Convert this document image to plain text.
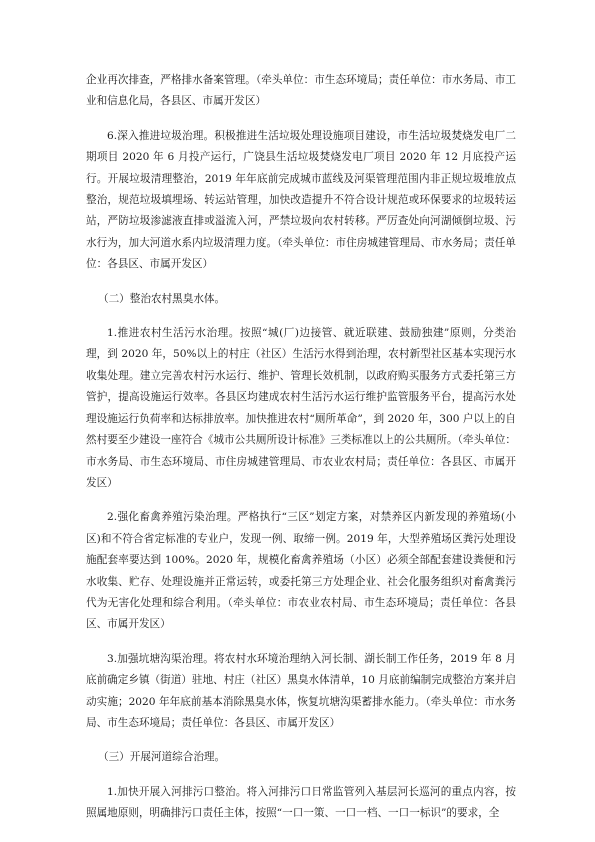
企业再次排查，严格排水备案管理。（牵头单位：市生态环境局；责任单位：市水务局、市工业和信息化局，各县区、市属开发区）

6.深入推进垃圾治理。积极推进生活垃圾处理设施项目建设，市生活垃圾焚烧发电厂二期项目 2020 年 6 月投产运行，广饶县生活垃圾焚烧发电厂项目 2020 年 12 月底投产运行。开展垃圾清理整治，2019 年年底前完成城市蓝线及河渠管理范围内非正规垃圾堆放点整治，规范垃圾填埋场、转运站管理，加快改造提升不符合设计规范或环保要求的垃圾转运站，严防垃圾渗滤液直排或溢流入河，严禁垃圾向农村转移。严厉查处向河湖倾倒垃圾、污水行为，加大河道水系内垃圾清理力度。（牵头单位：市住房城建管理局、市水务局；责任单位：各县区、市属开发区）

（二）整治农村黑臭水体。

1.推进农村生活污水治理。按照“城(厂)边接管、就近联建、鼓励独建”原则，分类治理，到 2020 年，50%以上的村庄（社区）生活污水得到治理，农村新型社区基本实现污水收集处理。建立完善农村污水运行、维护、管理长效机制，以政府购买服务方式委托第三方管护，提高设施运行效率。各县区均建成农村生活污水运行维护监管服务平台，提高污水处理设施运行负荷率和达标排放率。加快推进农村“厕所革命”，到 2020 年，300 户以上的自然村要至少建设一座符合《城市公共厕所设计标准》三类标准以上的公共厕所。（牵头单位：市水务局、市生态环境局、市住房城建管理局、市农业农村局；责任单位：各县区、市属开发区）

2.强化畜禽养殖污染治理。严格执行“三区”划定方案，对禁养区内新发现的养殖场(小区)和不符合省定标准的专业户，发现一例、取缔一例。2019 年，大型养殖场区粪污处理设施配套率要达到 100%。2020 年，规模化畜禽养殖场（小区）必须全部配套建设粪便和污水收集、贮存、处理设施并正常运转，或委托第三方处理企业、社会化服务组织对畜禽粪污代为无害化处理和综合利用。（牵头单位：市农业农村局、市生态环境局；责任单位：各县区、市属开发区）

3.加强坑塘沟渠治理。将农村水环境治理纳入河长制、湖长制工作任务，2019 年 8 月底前确定乡镇（街道）驻地、村庄（社区）黑臭水体清单，10 月底前编制完成整治方案并启动实施；2020 年年底前基本消除黑臭水体，恢复坑塘沟渠蓄排水能力。（牵头单位：市水务局、市生态环境局；责任单位：各县区、市属开发区）

（三）开展河道综合治理。

1.加快开展入河排污口整治。将入河排污口日常监管列入基层河长巡河的重点内容，按照属地原则，明确排污口责任主体，按照“一口一策、一口一档、一口一标识”的要求，全
